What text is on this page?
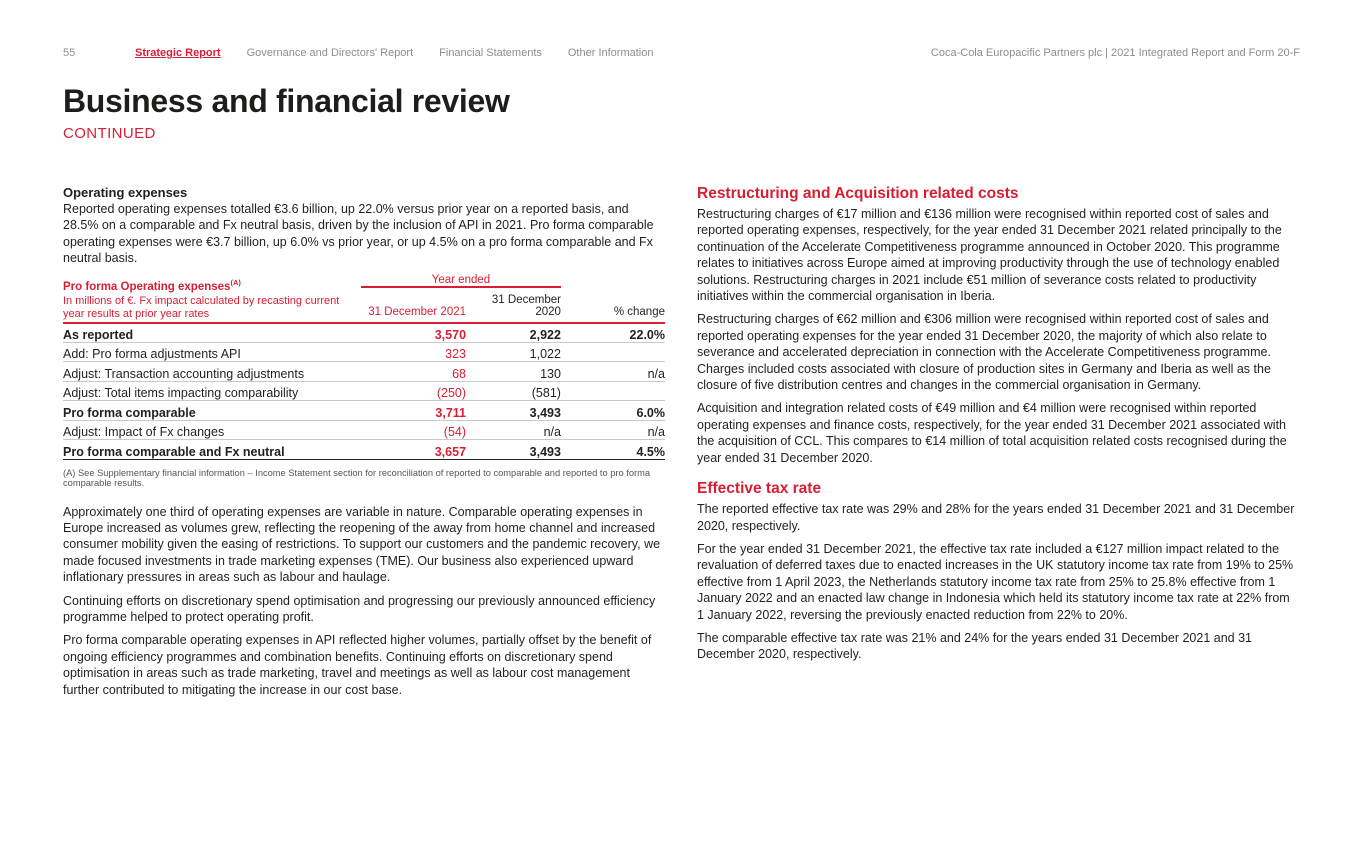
55	Strategic Report Governance and Directors' Report Financial Statements Other Information	Coca-Cola Europacific Partners plc | 2021 Integrated Report and Form 20-F
Business and financial review
CONTINUED
Operating expenses

Reported operating expenses totalled €3.6 billion, up 22.0% versus prior year on a reported basis, and 28.5% on a comparable and Fx neutral basis, driven by the inclusion of API in 2021. Pro forma comparable operating expenses were €3.7 billion, up 6.0% vs prior year, or up 4.5% on a pro forma comparable and Fx neutral basis.

Pro forma Operating expenses$^{(A)}$
In millions of €. Fx impact calculated by recasting current year results at prior year rates	Year ended		
	31 December 2021	31 December 2020	% change
As reported	3,570	2,922	22.0%
Add: Pro forma adjustments API	323	1,022	
Adjust: Transaction accounting adjustments	68	130	n/a
Adjust: Total items impacting comparability	(250)	(581)	
Pro forma comparable	3,711	3,493	6.0%
Adjust: Impact of Fx changes	(54)	n/a	n/a
Pro forma comparable and Fx neutral	3,657	3,493	4.5%
(A) See Supplementary financial information – Income Statement section for reconciliation of reported to comparable and reported to pro forma comparable results.

Approximately one third of operating expenses are variable in nature. Comparable operating expenses in Europe increased as volumes grew, reflecting the reopening of the away from home channel and increased consumer mobility given the easing of restrictions. To support our customers and the pandemic recovery, we made focused investments in trade marketing expenses (TME). Our business also experienced upward inflationary pressures in areas such as labour and haulage.

Continuing efforts on discretionary spend optimisation and progressing our previously announced efficiency programme helped to protect operating profit.

Pro forma comparable operating expenses in API reflected higher volumes, partially offset by the benefit of ongoing efficiency programmes and combination benefits. Continuing efforts on discretionary spend optimisation in areas such as trade marketing, travel and meetings as well as labour cost management further contributed to mitigating the increase in our cost base.

Restructuring and Acquisition related costs

Restructuring charges of €17 million and €136 million were recognised within reported cost of sales and reported operating expenses, respectively, for the year ended 31 December 2021 related principally to the continuation of the Accelerate Competitiveness programme announced in October 2020. This programme relates to initiatives across Europe aimed at improving productivity through the use of technology enabled solutions. Restructuring charges in 2021 include €51 million of severance costs related to productivity initiatives within the commercial organisation in Iberia.

Restructuring charges of €62 million and €306 million were recognised within reported cost of sales and reported operating expenses for the year ended 31 December 2020, the majority of which also relate to severance and accelerated depreciation in connection with the Accelerate Competitiveness programme. Charges included costs associated with closure of production sites in Germany and Iberia as well as the closure of five distribution centres and changes in the commercial organisation in Germany.

Acquisition and integration related costs of €49 million and €4 million were recognised within reported operating expenses and finance costs, respectively, for the year ended 31 December 2021 associated with the acquisition of CCL. This compares to €14 million of total acquisition related costs recognised during the year ended 31 December 2020.

Effective tax rate

The reported effective tax rate was 29% and 28% for the years ended 31 December 2021 and 31 December 2020, respectively.

For the year ended 31 December 2021, the effective tax rate included a €127 million impact related to the revaluation of deferred taxes due to enacted increases in the UK statutory income tax rate from 19% to 25% effective from 1 April 2023, the Netherlands statutory income tax rate from 25% to 25.8% effective from 1 January 2022 and an enacted law change in Indonesia which held its statutory income tax rate at 22% from 1 January 2022, reversing the previously enacted reduction from 22% to 20%.

The comparable effective tax rate was 21% and 24% for the years ended 31 December 2021 and 31 December 2020, respectively.
